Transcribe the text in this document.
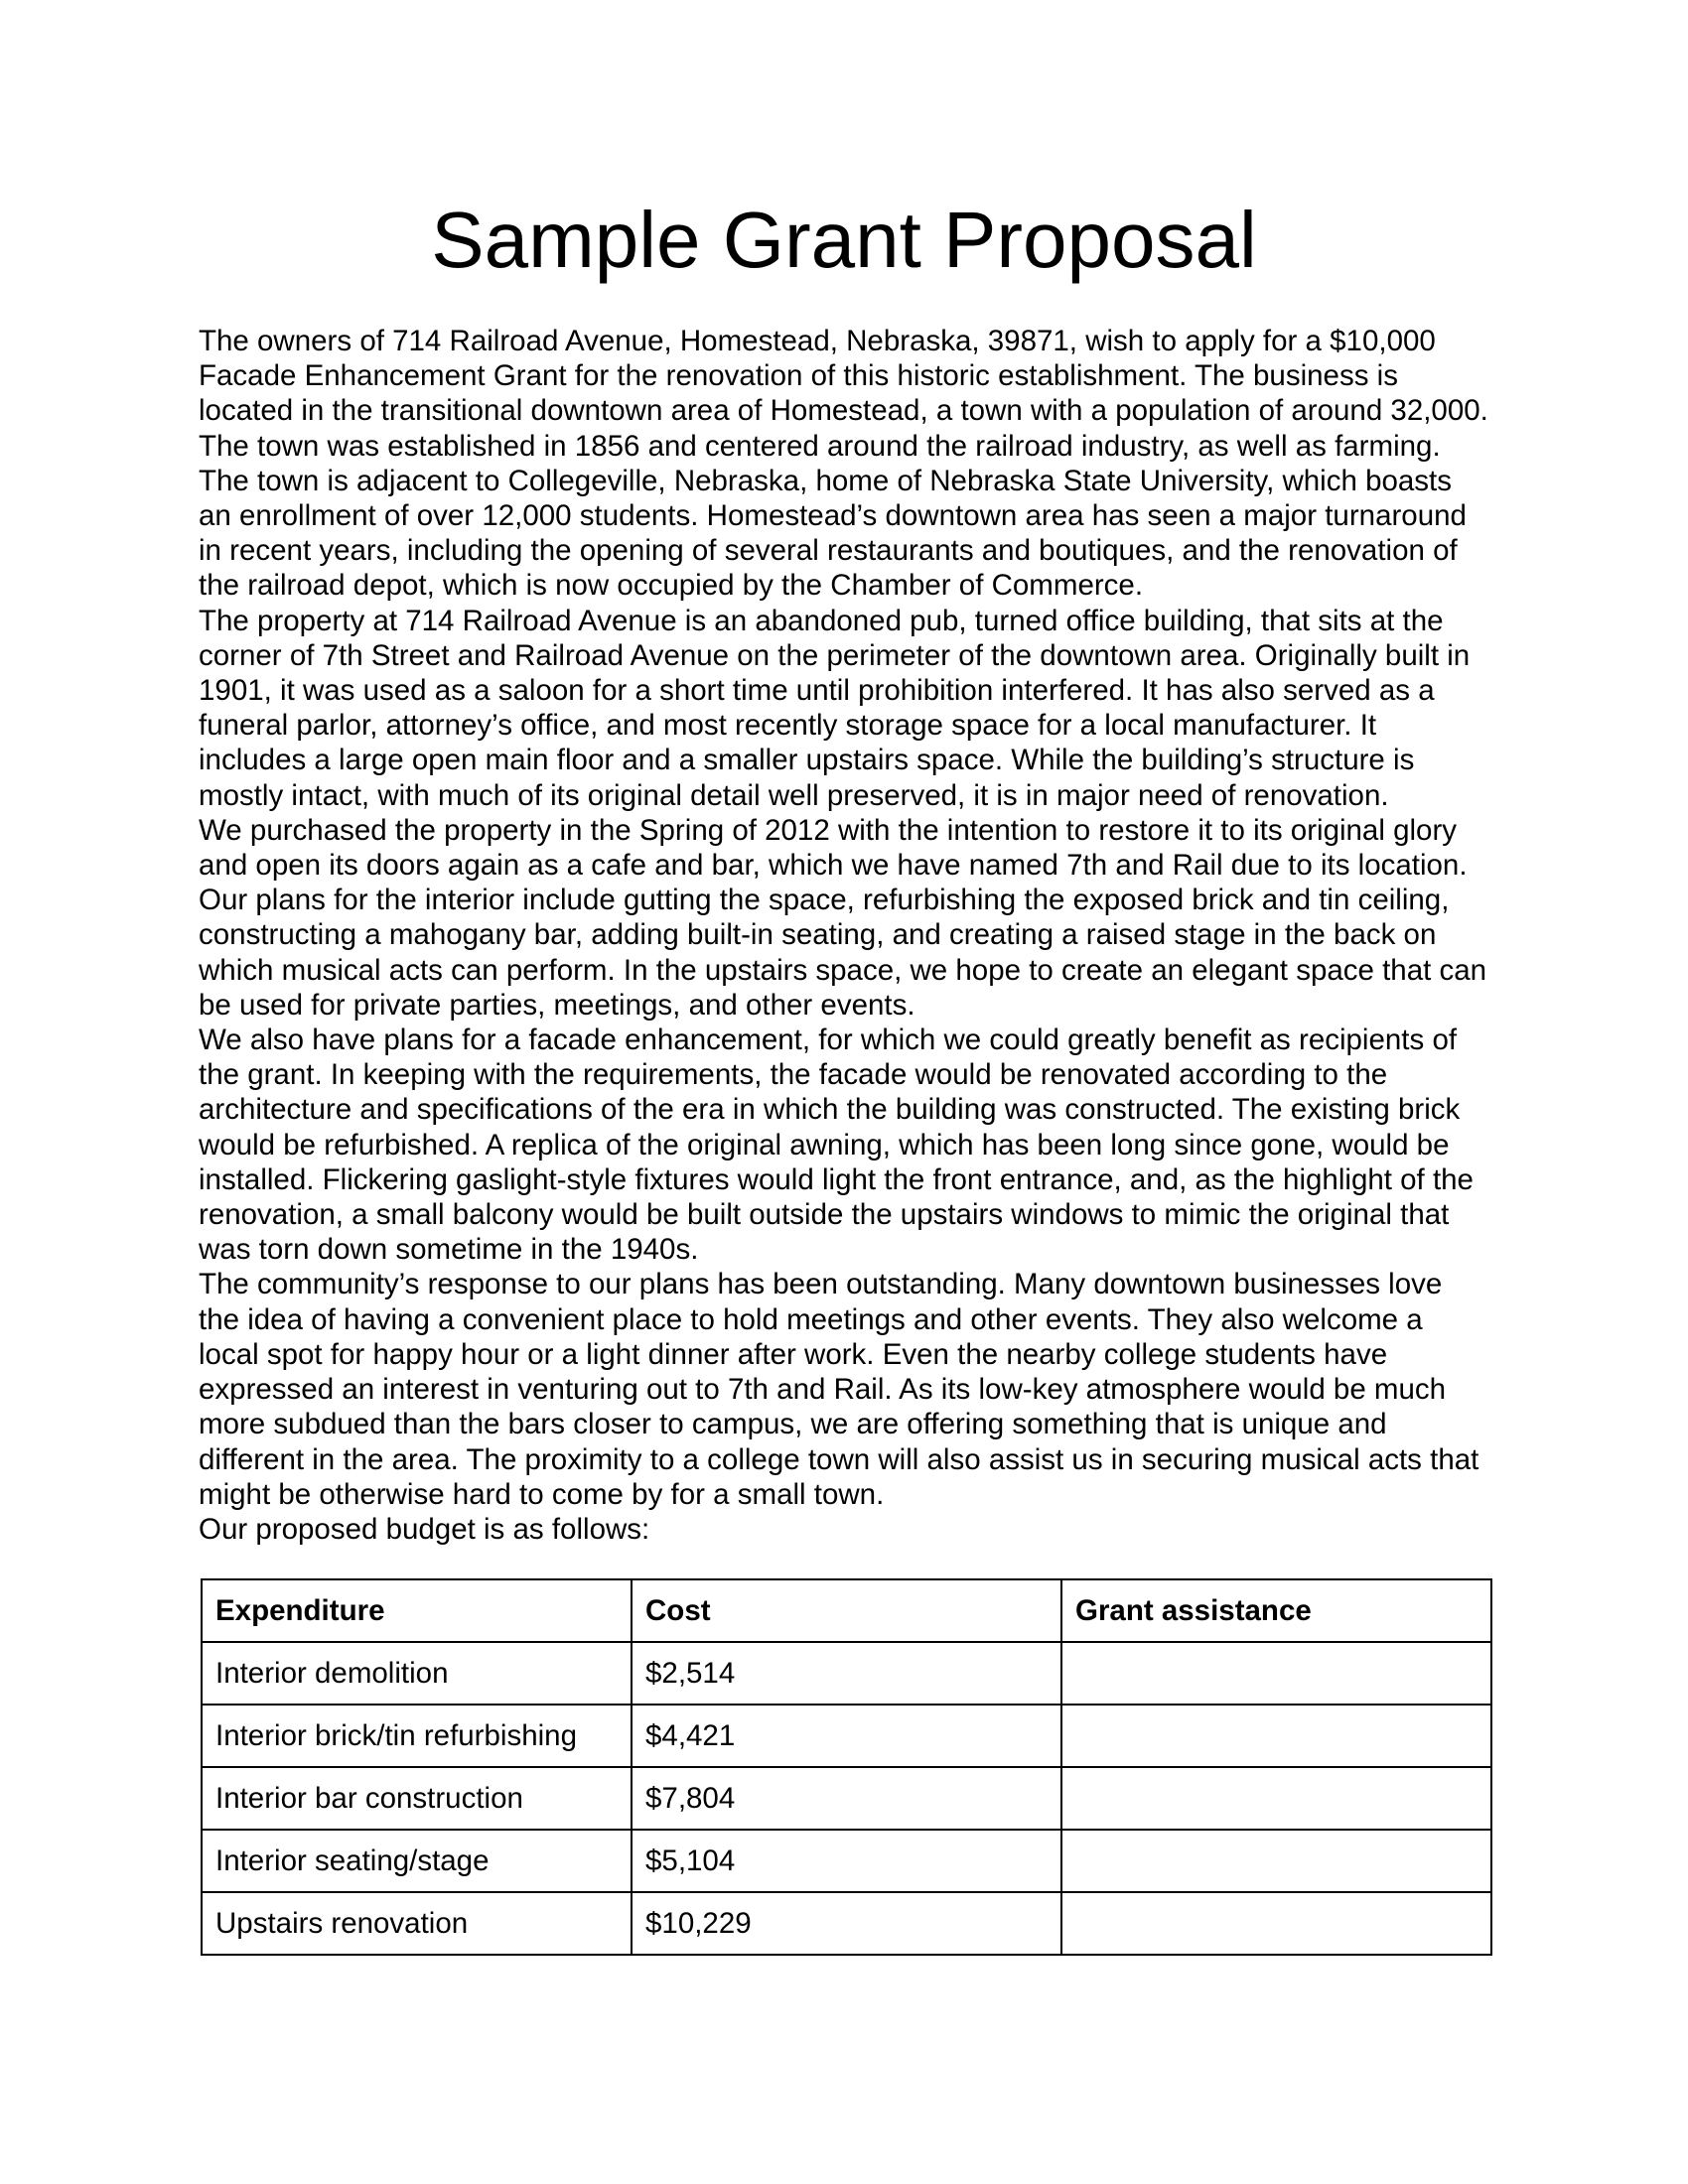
Sample Grant Proposal

The owners of 714 Railroad Avenue, Homestead, Nebraska, 39871, wish to apply for a $10,000 Facade Enhancement Grant for the renovation of this historic establishment. The business is located in the transitional downtown area of Homestead, a town with a population of around 32,000. The town was established in 1856 and centered around the railroad industry, as well as farming. The town is adjacent to Collegeville, Nebraska, home of Nebraska State University, which boasts an enrollment of over 12,000 students. Homestead’s downtown area has seen a major turnaround in recent years, including the opening of several restaurants and boutiques, and the renovation of the railroad depot, which is now occupied by the Chamber of Commerce.

The property at 714 Railroad Avenue is an abandoned pub, turned office building, that sits at the corner of 7th Street and Railroad Avenue on the perimeter of the downtown area. Originally built in 1901, it was used as a saloon for a short time until prohibition interfered. It has also served as a funeral parlor, attorney’s office, and most recently storage space for a local manufacturer. It includes a large open main floor and a smaller upstairs space. While the building’s structure is mostly intact, with much of its original detail well preserved, it is in major need of renovation.

We purchased the property in the Spring of 2012 with the intention to restore it to its original glory and open its doors again as a cafe and bar, which we have named 7th and Rail due to its location. Our plans for the interior include gutting the space, refurbishing the exposed brick and tin ceiling, constructing a mahogany bar, adding built-in seating, and creating a raised stage in the back on which musical acts can perform. In the upstairs space, we hope to create an elegant space that can be used for private parties, meetings, and other events.

We also have plans for a facade enhancement, for which we could greatly benefit as recipients of the grant. In keeping with the requirements, the facade would be renovated according to the architecture and specifications of the era in which the building was constructed. The existing brick would be refurbished. A replica of the original awning, which has been long since gone, would be installed. Flickering gaslight-style fixtures would light the front entrance, and, as the highlight of the renovation, a small balcony would be built outside the upstairs windows to mimic the original that was torn down sometime in the 1940s.

The community’s response to our plans has been outstanding. Many downtown businesses love the idea of having a convenient place to hold meetings and other events. They also welcome a local spot for happy hour or a light dinner after work. Even the nearby college students have expressed an interest in venturing out to 7th and Rail. As its low-key atmosphere would be much more subdued than the bars closer to campus, we are offering something that is unique and different in the area. The proximity to a college town will also assist us in securing musical acts that might be otherwise hard to come by for a small town.

Our proposed budget is as follows:

Expenditure	Cost	Grant assistance
Interior demolition	$2,514	
Interior brick/tin refurbishing	$4,421	
Interior bar construction	$7,804	
Interior seating/stage	$5,104	
Upstairs renovation	$10,229	
